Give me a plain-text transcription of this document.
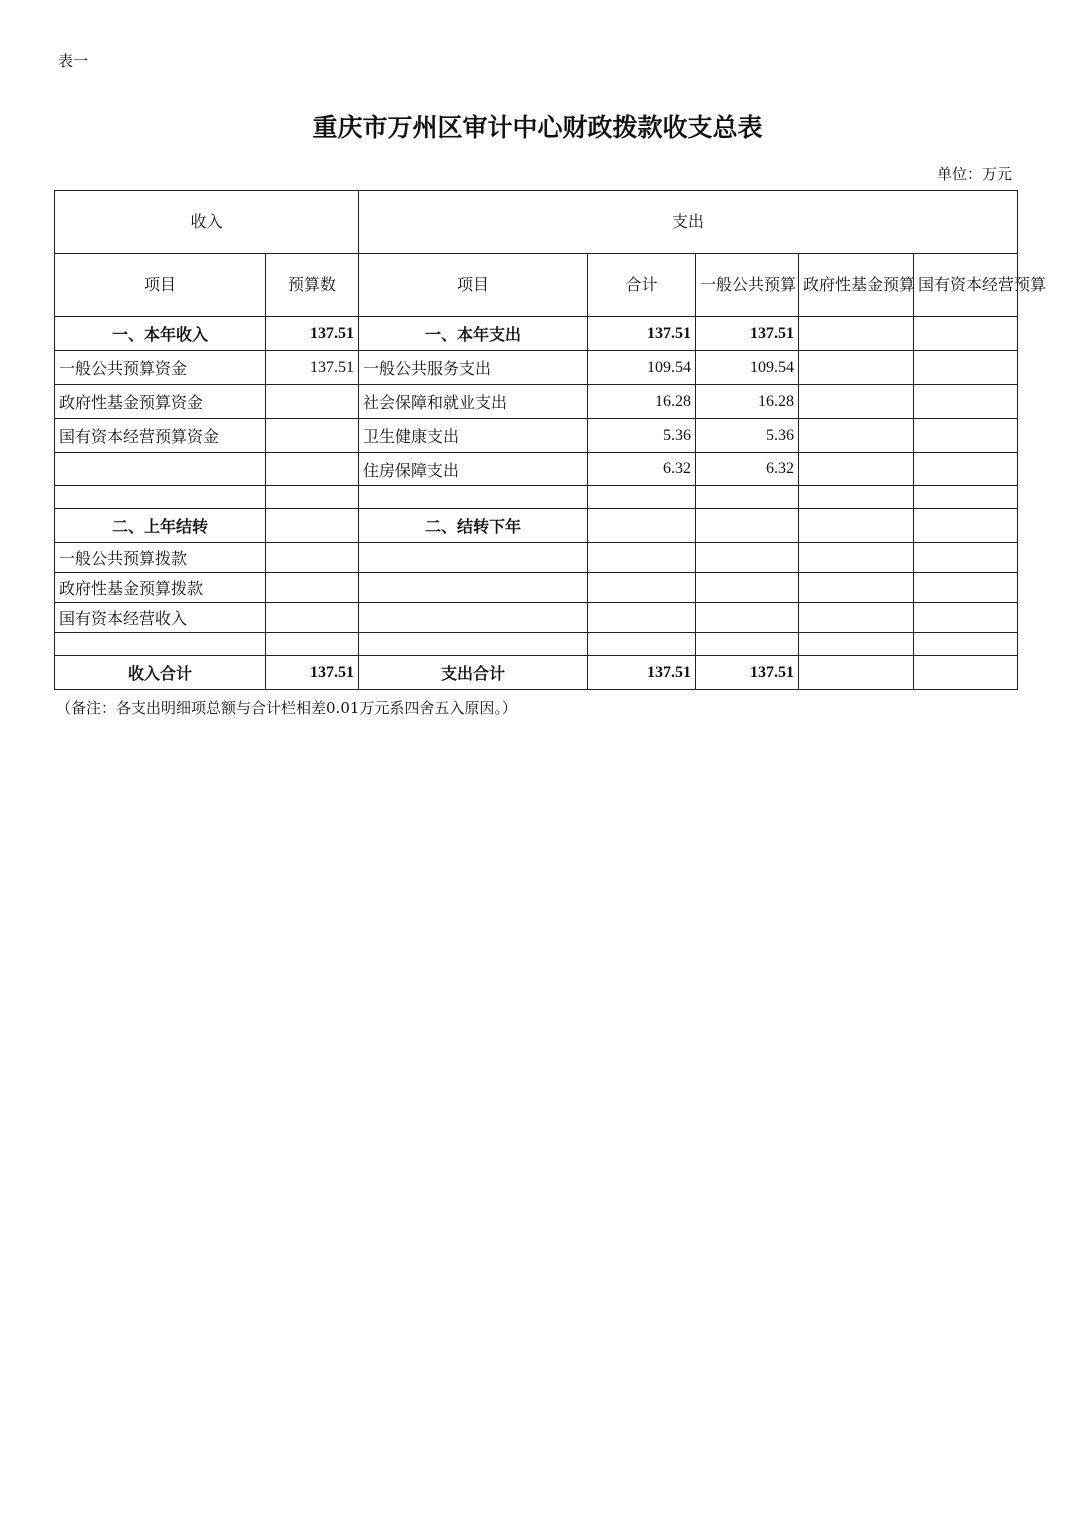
表一
重庆市万州区审计中心财政拨款收支总表
单位：万元
收入		支出				
项目	预算数	项目	合计	一般公共预算	政府性基金预算	国有资本经营预算
一、本年收入	137.51	一、本年支出	137.51	137.51		
一般公共预算资金	137.51	一般公共服务支出	109.54	109.54		
政府性基金预算资金		社会保障和就业支出	16.28	16.28		
国有资本经营预算资金		卫生健康支出	5.36	5.36		
		住房保障支出	6.32	6.32		

二、上年结转		二、结转下年				
一般公共预算拨款						
政府性基金预算拨款						
国有资本经营收入						

收入合计	137.51	支出合计	137.51	137.51		
（备注：各支出明细项总额与合计栏相差0.01万元系四舍五入原因。）
